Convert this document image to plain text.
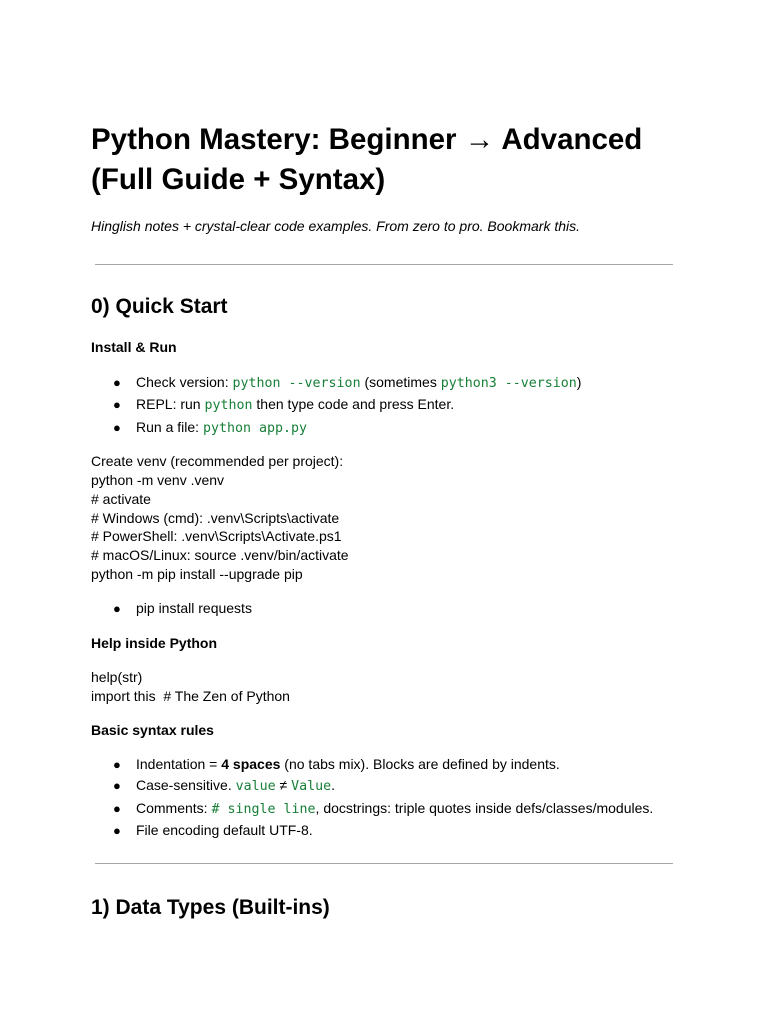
Python Mastery: Beginner → Advanced (Full Guide + Syntax)

Hinglish notes + crystal-clear code examples. From zero to pro. Bookmark this.

0) Quick Start
Install & Run
● Check version: python --version (sometimes python3 --version)
● REPL: run python then type code and press Enter.
● Run a file: python app.py

Create venv (recommended per project):

python -m venv .venv

# activate

# Windows (cmd): .venv\Scripts\activate

# PowerShell: .venv\Scripts\Activate.ps1

# macOS/Linux: source .venv/bin/activate

python -m pip install --upgrade pip

● pip install requests
Help inside Python

help(str)

import this  # The Zen of Python

Basic syntax rules
● Indentation = 4 spaces (no tabs mix). Blocks are defined by indents.
● Case-sensitive. value ≠ Value.
● Comments: # single line, docstrings: triple quotes inside defs/classes/modules.
● File encoding default UTF-8.
1) Data Types (Built-ins)
